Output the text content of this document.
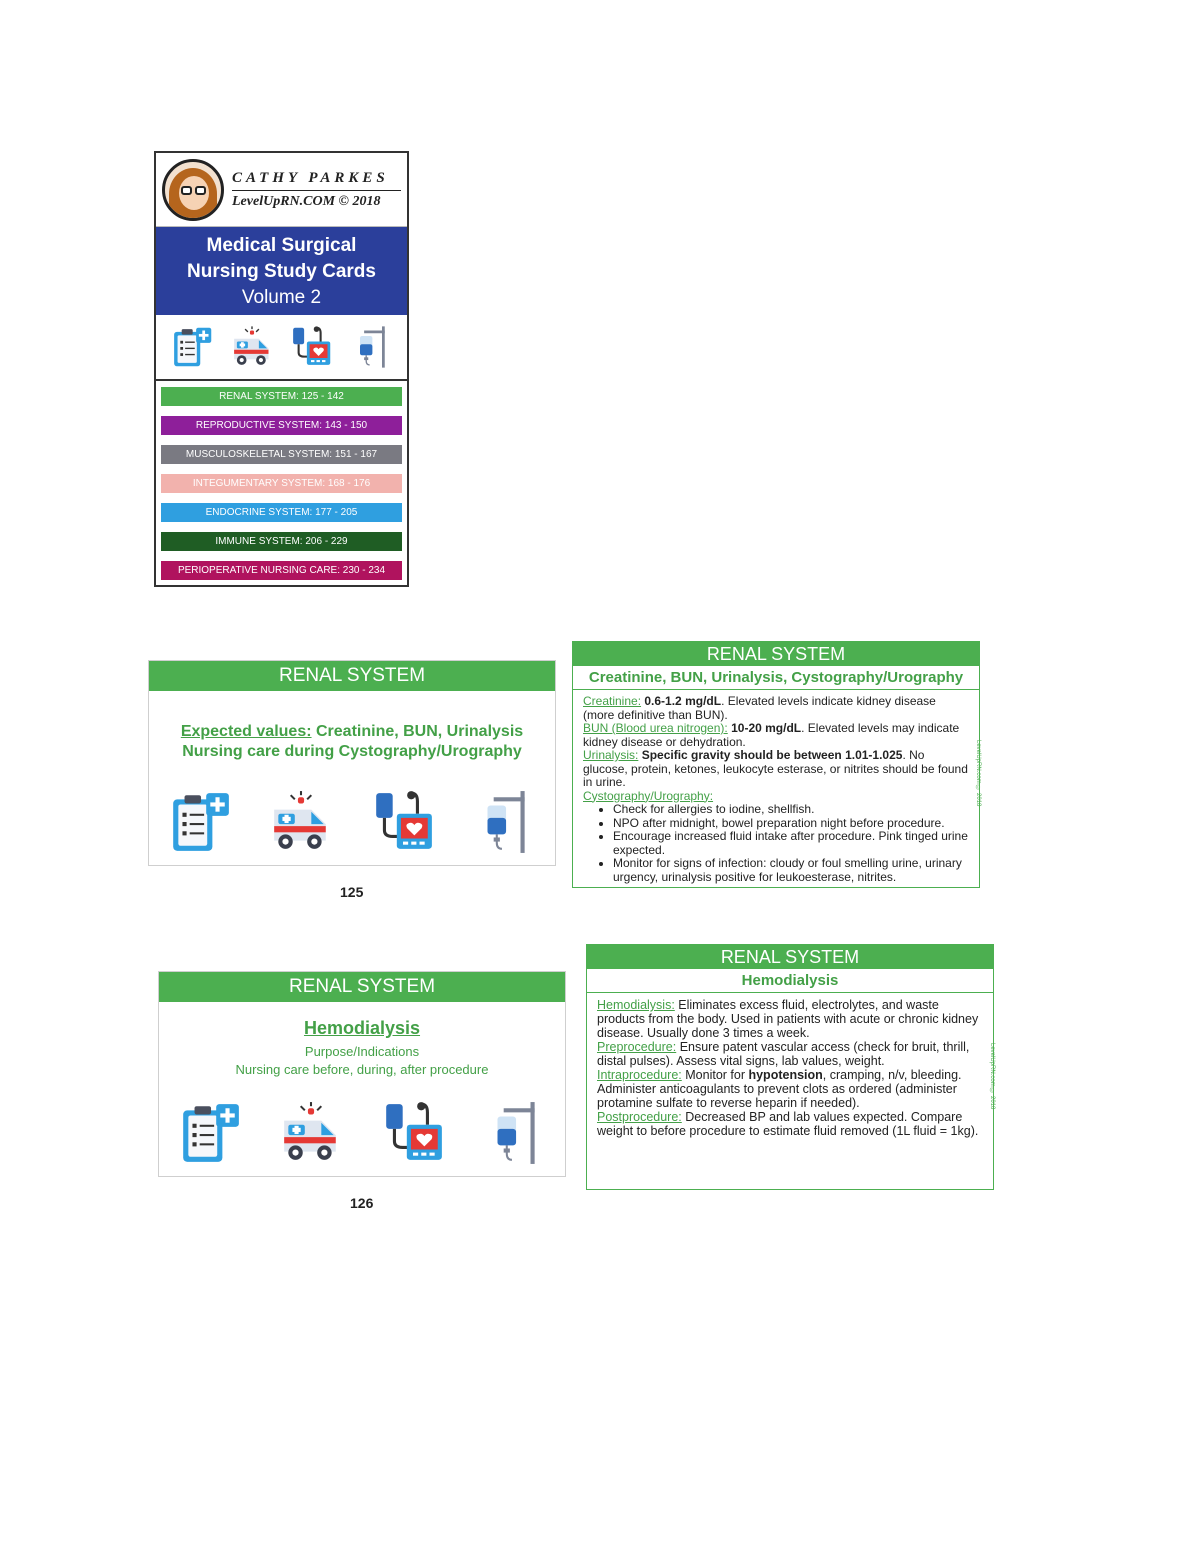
CATHY PARKES
LevelUpRN.COM © 2018
Medical Surgical
Nursing Study Cards
Volume 2
RENAL SYSTEM: 125 - 142
REPRODUCTIVE SYSTEM: 143 - 150
MUSCULOSKELETAL SYSTEM: 151 - 167
INTEGUMENTARY SYSTEM: 168 - 176
ENDOCRINE SYSTEM: 177 - 205
IMMUNE SYSTEM: 206 - 229
PERIOPERATIVE NURSING CARE: 230 - 234
RENAL SYSTEM
Expected values: Creatinine, BUN, Urinalysis
Nursing care during Cystography/Urography
125
RENAL SYSTEM
Creatinine, BUN, Urinalysis, Cystography/Urography
Creatinine: 0.6-1.2 mg/dL. Elevated levels indicate kidney disease (more definitive than BUN).
BUN (Blood urea nitrogen): 10-20 mg/dL. Elevated levels may indicate kidney disease or dehydration.
Urinalysis: Specific gravity should be between 1.01-1.025. No glucose, protein, ketones, leukocyte esterase, or nitrites should be found in urine.
Cystography/Urography:
• Check for allergies to iodine, shellfish.
• NPO after midnight, bowel preparation night before procedure.
• Encourage increased fluid intake after procedure. Pink tinged urine expected.
• Monitor for signs of infection: cloudy or foul smelling urine, urinary urgency, urinalysis positive for leukoesterase, nitrites.
LevelUpRN.com © 2018
RENAL SYSTEM
Hemodialysis
Purpose/Indications
Nursing care before, during, after procedure
126
RENAL SYSTEM
Hemodialysis
Hemodialysis: Eliminates excess fluid, electrolytes, and waste products from the body. Used in patients with acute or chronic kidney disease. Usually done 3 times a week.
Preprocedure: Ensure patent vascular access (check for bruit, thrill, distal pulses). Assess vital signs, lab values, weight.
Intraprocedure: Monitor for hypotension, cramping, n/v, bleeding. Administer anticoagulants to prevent clots as ordered (administer protamine sulfate to reverse heparin if needed).
Postprocedure: Decreased BP and lab values expected. Compare weight to before procedure to estimate fluid removed (1L fluid = 1kg).
LevelUpRN.com © 2018
